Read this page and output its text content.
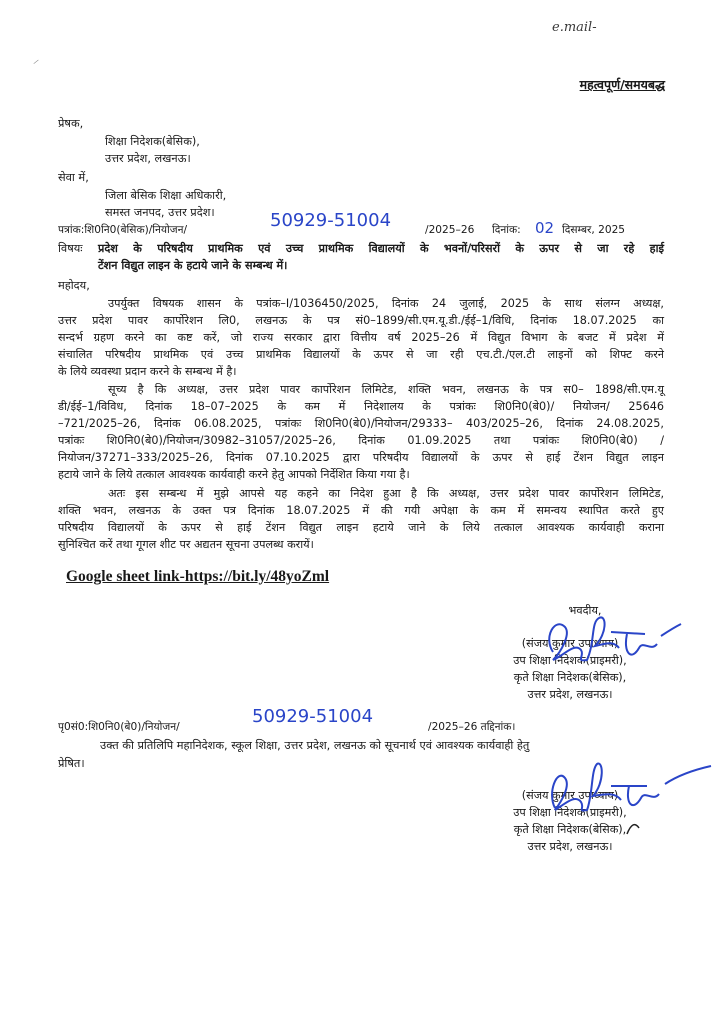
e.mail-
⸝
महत्वपूर्ण/समयबद्ध
प्रेषक,
शिक्षा निदेशक(बेसिक),
उत्तर प्रदेश, लखनऊ।
सेवा में,
जिला बेसिक शिक्षा अधिकारी,
समस्त जनपद, उत्तर प्रदेश।
पत्रांक:शि0नि0(बेसिक)/नियोजन/	50929-51004	/2025–26 दिनांक: 02 दिसम्बर, 2025
विषयः प्रदेश के परिषदीय प्राथमिक एवं उच्च प्राथमिक विद्यालयों के भवनों/परिसरों के ऊपर से जा रहे हाई
टेंशन विद्युत लाइन के हटाये जाने के सम्बन्ध में।
महोदय,
उपर्युक्त विषयक शासन के पत्रांक–I/1036450/2025, दिनांक 24 जुलाई, 2025 के साथ संलग्न अध्यक्ष,
उत्तर प्रदेश पावर कार्पोरेशन लि0, लखनऊ के पत्र सं0–1899/सी.एम.यू.डी./ईई–1/विधि, दिनांक 18.07.2025 का
सन्दर्भ ग्रहण करने का कष्ट करें, जो राज्य सरकार द्वारा वित्तीय वर्ष 2025–26 में विद्युत विभाग के बजट में प्रदेश में
संचालित परिषदीय प्राथमिक एवं उच्च प्राथमिक विद्यालयों के ऊपर से जा रही एच.टी./एल.टी लाइनों को शिफ्ट करने
के लिये व्यवस्था प्रदान करने के सम्बन्ध में है।
सूच्य है कि अध्यक्ष, उत्तर प्रदेश पावर कार्पोरेशन लिमिटेड, शक्ति भवन, लखनऊ के पत्र स0– 1898/सी.एम.यू
डी/ईई–1/विविध, दिनांक 18–07–2025 के कम में निदेशालय के पत्रांकः शि0नि0(बे0)/ नियोजन/ 25646
–721/2025–26, दिनांक 06.08.2025, पत्रांकः शि0नि0(बे0)/नियोजन/29333– 403/2025–26, दिनांक 24.08.2025,
पत्रांकः शि0नि0(बे0)/नियोजन/30982–31057/2025–26, दिनांक 01.09.2025 तथा पत्रांकः शि0नि0(बे0) /
नियोजन/37271–333/2025–26, दिनांक 07.10.2025 द्वारा परिषदीय विद्यालयों के ऊपर से हाई टेंशन विद्युत लाइन
हटाये जाने के लिये तत्काल आवश्यक कार्यवाही करने हेतु आपको निर्देशित किया गया है।
अतः इस सम्बन्ध में मुझे आपसे यह कहने का निदेश हुआ है कि अध्यक्ष, उत्तर प्रदेश पावर कार्पोरेशन लिमिटेड,
शक्ति भवन, लखनऊ के उक्त पत्र दिनांक 18.07.2025 में की गयी अपेक्षा के कम में समन्वय स्थापित करते हुए
परिषदीय विद्यालयों के ऊपर से हाई टेंशन विद्युत लाइन हटाये जाने के लिये तत्काल आवश्यक कार्यवाही कराना
सुनिश्चित करें तथा गूगल शीट पर अद्यतन सूचना उपलब्ध करायें।
Google sheet link-https://bit.ly/48yoZml
भवदीय,
(संजय कुमार उपाध्याय)
उप शिक्षा निदेशक(प्राइमरी),
कृते शिक्षा निदेशक(बेसिक),
उत्तर प्रदेश, लखनऊ।
पृ0सं0:शि0नि0(बे0)/नियोजन/	50929-51004	/2025–26 तद्दिनांक।
उक्त की प्रतिलिपि महानिदेशक, स्कूल शिक्षा, उत्तर प्रदेश, लखनऊ को सूचनार्थ एवं आवश्यक कार्यवाही हेतु
प्रेषित।
(संजय कुमार उपाध्याय)
उप शिक्षा निदेशक(प्राइमरी),
कृते शिक्षा निदेशक(बेसिक),
उत्तर प्रदेश, लखनऊ।
